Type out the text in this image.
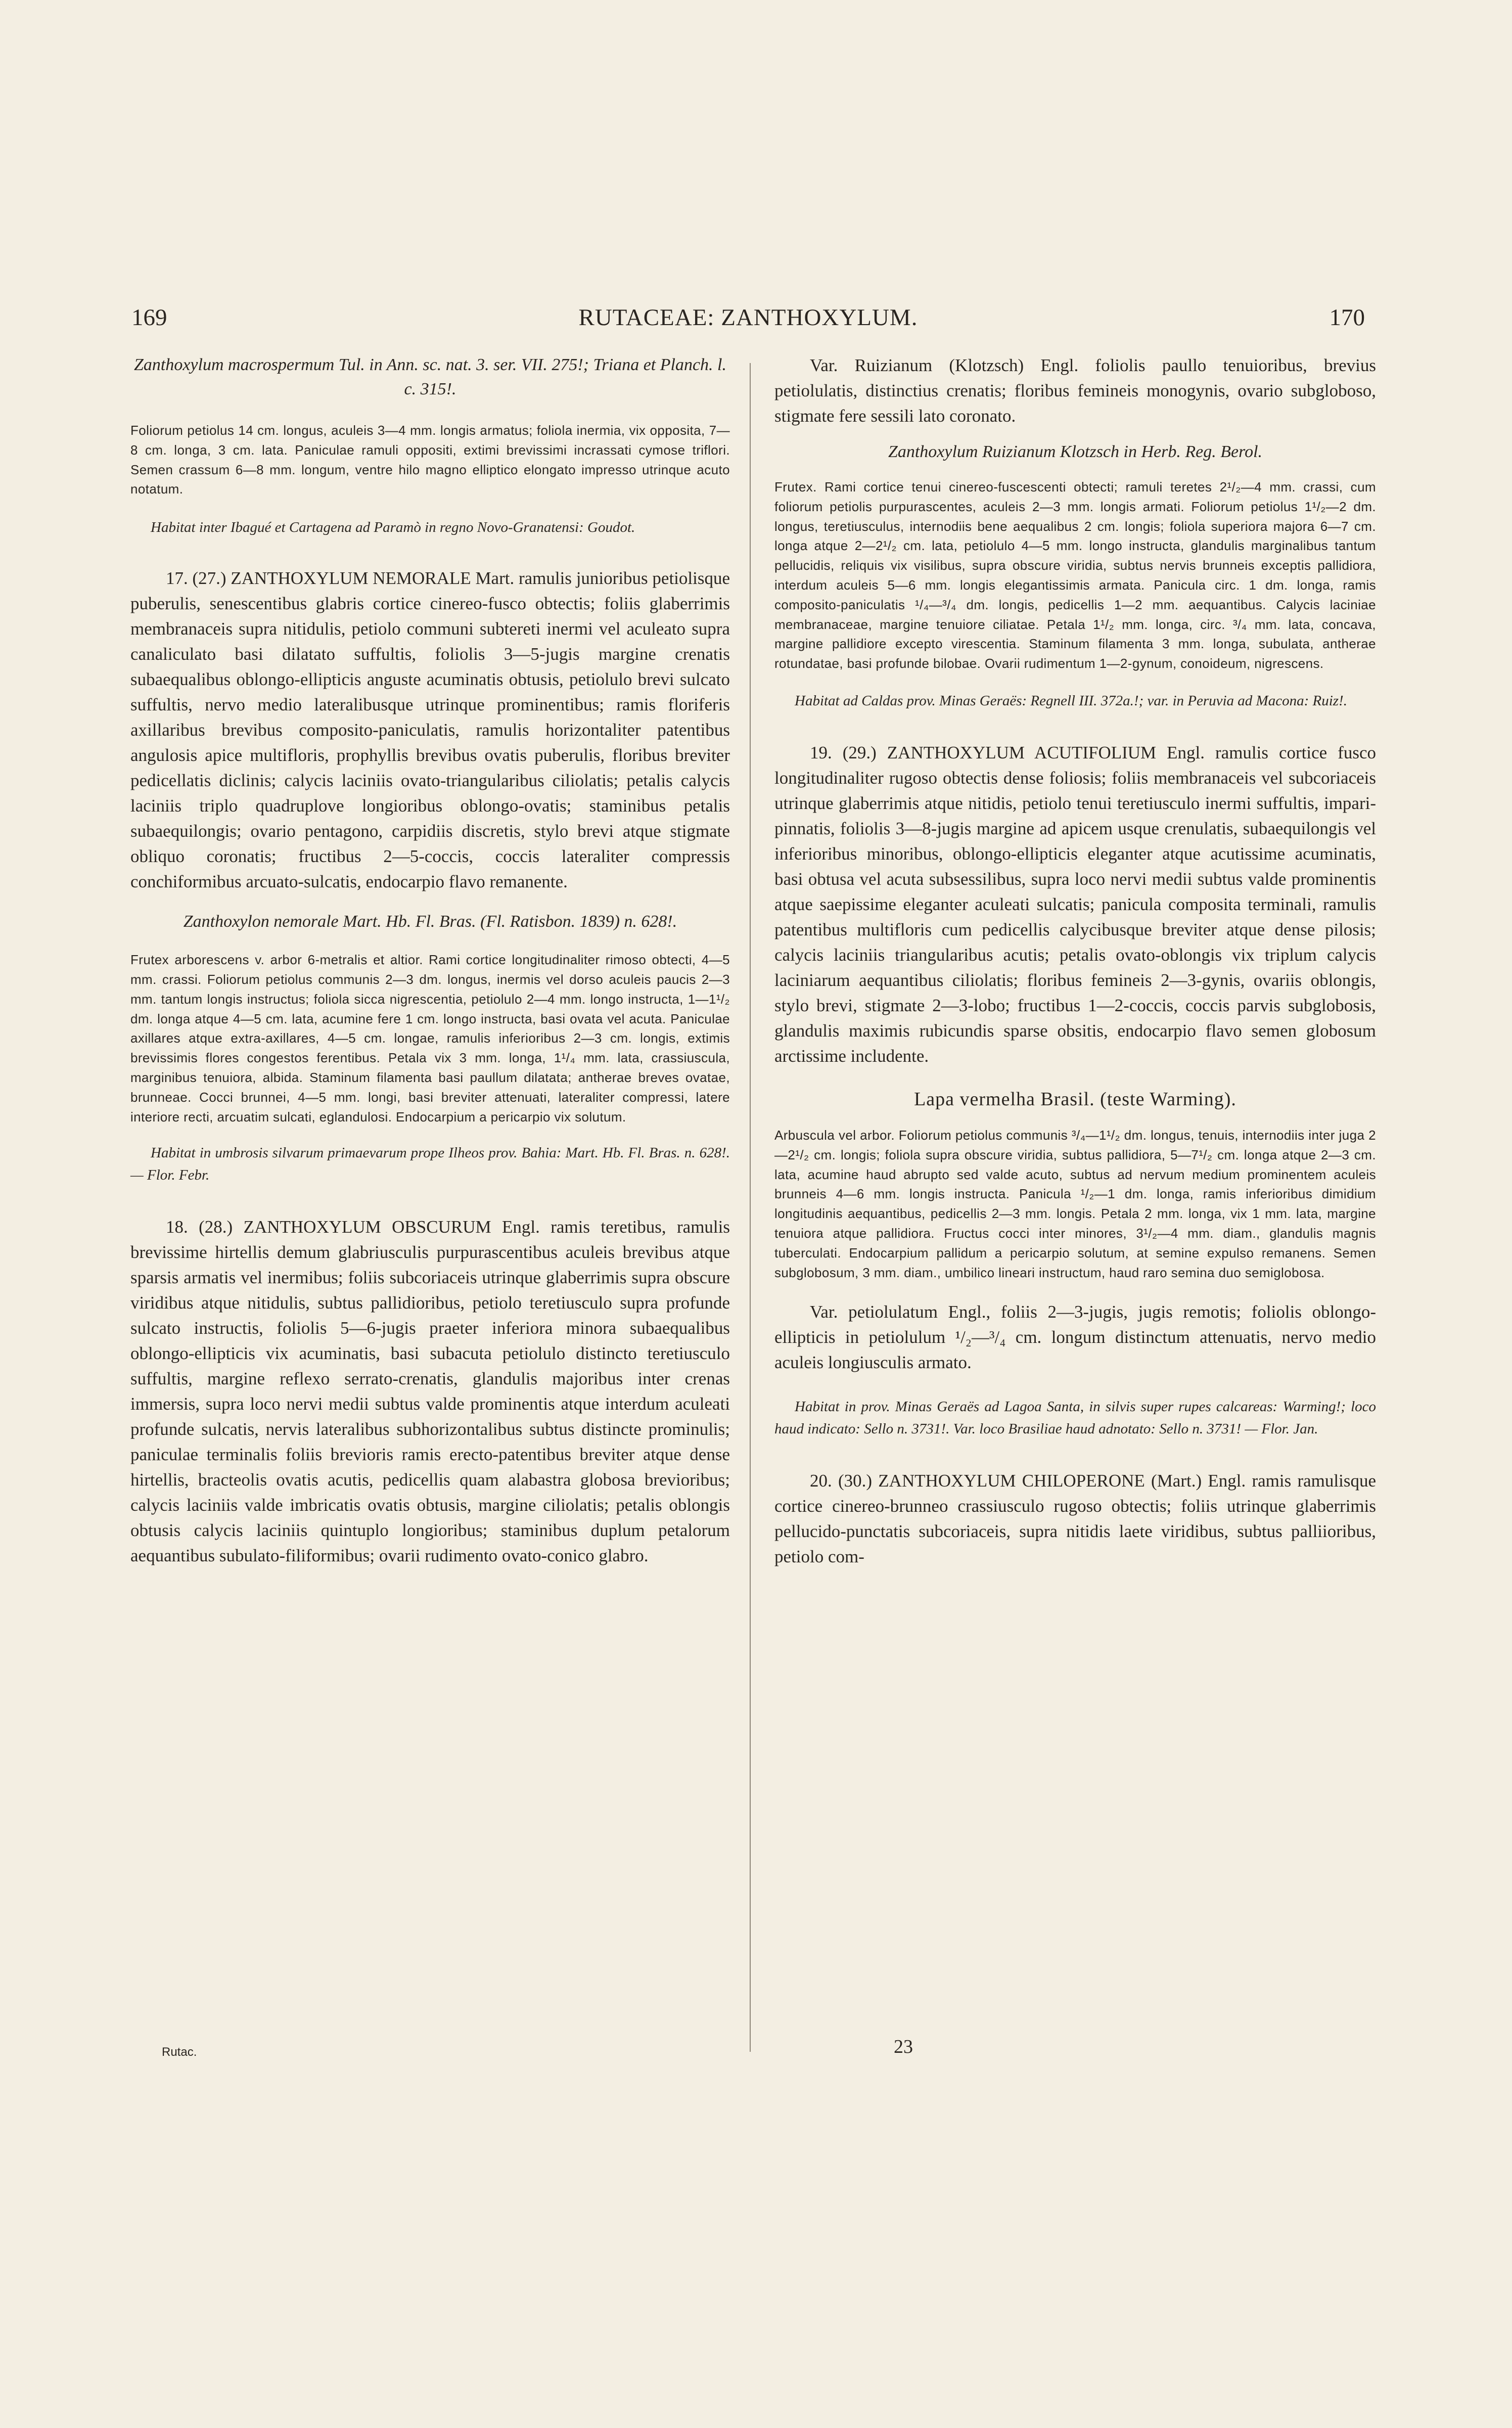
169	RUTACEAE: ZANTHOXYLUM.	170

Zanthoxylum macrospermum Tul. in Ann. sc. nat. 3. ser. VII. 275!; Triana et Planch. l. c. 315!.

Foliorum petiolus 14 cm. longus, aculeis 3—4 mm. longis armatus; foliola inermia, vix opposita, 7—8 cm. longa, 3 cm. lata. Paniculae ramuli oppositi, extimi brevissimi incrassati cymose triflori. Semen crassum 6—8 mm. longum, ventre hilo magno elliptico elongato impresso utrinque acuto notatum.

Habitat inter Ibagué et Cartagena ad Paramò in regno Novo-Granatensi: Goudot.

17. (27.) ZANTHOXYLUM NEMORALE Mart. ramulis junioribus petiolisque puberulis, senescentibus glabris cortice cinereo-fusco obtectis; foliis glaberrimis membranaceis supra nitidulis, petiolo communi subtereti inermi vel aculeato supra canaliculato basi dilatato suffultis, foliolis 3—5-jugis margine crenatis subaequalibus oblongo-ellipticis anguste acuminatis obtusis, petiolulo brevi sulcato suffultis, nervo medio lateralibusque utrinque prominentibus; ramis floriferis axillaribus brevibus composito-paniculatis, ramulis horizontaliter patentibus angulosis apice multifloris, prophyllis brevibus ovatis puberulis, floribus breviter pedicellatis diclinis; calycis laciniis ovato-triangularibus ciliolatis; petalis calycis laciniis triplo quadruplove longioribus oblongo-ovatis; staminibus petalis subaequilongis; ovario pentagono, carpidiis discretis, stylo brevi atque stigmate obliquo coronatis; fructibus 2—5-coccis, coccis lateraliter compressis conchiformibus arcuato-sulcatis, endocarpio flavo remanente.

Zanthoxylon nemorale Mart. Hb. Fl. Bras. (Fl. Ratisbon. 1839) n. 628!.

Frutex arborescens v. arbor 6-metralis et altior. Rami cortice longitudinaliter rimoso obtecti, 4—5 mm. crassi. Foliorum petiolus communis 2—3 dm. longus, inermis vel dorso aculeis paucis 2—3 mm. tantum longis instructus; foliola sicca nigrescentia, petiolulo 2—4 mm. longo instructa, 1—1¹/₂ dm. longa atque 4—5 cm. lata, acumine fere 1 cm. longo instructa, basi ovata vel acuta. Paniculae axillares atque extra-axillares, 4—5 cm. longae, ramulis inferioribus 2—3 cm. longis, extimis brevissimis flores congestos ferentibus. Petala vix 3 mm. longa, 1¹/₄ mm. lata, crassiuscula, marginibus tenuiora, albida. Staminum filamenta basi paullum dilatata; antherae breves ovatae, brunneae. Cocci brunnei, 4—5 mm. longi, basi breviter attenuati, lateraliter compressi, latere interiore recti, arcuatim sulcati, eglandulosi. Endocarpium a pericarpio vix solutum.

Habitat in umbrosis silvarum primaevarum prope Ilheos prov. Bahia: Mart. Hb. Fl. Bras. n. 628!. — Flor. Febr.

18. (28.) ZANTHOXYLUM OBSCURUM Engl. ramis teretibus, ramulis brevissime hirtellis demum glabriusculis purpurascentibus aculeis brevibus atque sparsis armatis vel inermibus; foliis subcoriaceis utrinque glaberrimis supra obscure viridibus atque nitidulis, subtus pallidioribus, petiolo teretiusculo supra profunde sulcato instructis, foliolis 5—6-jugis praeter inferiora minora subaequalibus oblongo-ellipticis vix acuminatis, basi subacuta petiolulo distincto teretiusculo suffultis, margine reflexo serrato-crenatis, glandulis majoribus inter crenas immersis, supra loco nervi medii subtus valde prominentis atque interdum aculeati profunde sulcatis, nervis lateralibus subhorizontalibus subtus distincte prominulis; paniculae terminalis foliis brevioris ramis erecto-patentibus breviter atque dense hirtellis, bracteolis ovatis acutis, pedicellis quam alabastra globosa brevioribus; calycis laciniis valde imbricatis ovatis obtusis, margine ciliolatis; petalis oblongis obtusis calycis laciniis quintuplo longioribus; staminibus duplum petalorum aequantibus subulato-filiformibus; ovarii rudimento ovato-conico glabro.

Var. Ruizianum (Klotzsch) Engl. foliolis paullo tenuioribus, brevius petiolulatis, distinctius crenatis; floribus femineis monogynis, ovario subgloboso, stigmate fere sessili lato coronato.

Zanthoxylum Ruizianum Klotzsch in Herb. Reg. Berol.

Frutex. Rami cortice tenui cinereo-fuscescenti obtecti; ramuli teretes 2¹/₂—4 mm. crassi, cum foliorum petiolis purpurascentes, aculeis 2—3 mm. longis armati. Foliorum petiolus 1¹/₂—2 dm. longus, teretiusculus, internodiis bene aequalibus 2 cm. longis; foliola superiora majora 6—7 cm. longa atque 2—2¹/₂ cm. lata, petiolulo 4—5 mm. longo instructa, glandulis marginalibus tantum pellucidis, reliquis vix visilibus, supra obscure viridia, subtus nervis brunneis exceptis pallidiora, interdum aculeis 5—6 mm. longis elegantissimis armata. Panicula circ. 1 dm. longa, ramis composito-paniculatis ¹/₄—³/₄ dm. longis, pedicellis 1—2 mm. aequantibus. Calycis laciniae membranaceae, margine tenuiore ciliatae. Petala 1¹/₂ mm. longa, circ. ³/₄ mm. lata, concava, margine pallidiore excepto virescentia. Staminum filamenta 3 mm. longa, subulata, antherae rotundatae, basi profunde bilobae. Ovarii rudimentum 1—2-gynum, conoideum, nigrescens.

Habitat ad Caldas prov. Minas Geraës: Regnell III. 372a.!; var. in Peruvia ad Macona: Ruiz!.

19. (29.) ZANTHOXYLUM ACUTIFOLIUM Engl. ramulis cortice fusco longitudinaliter rugoso obtectis dense foliosis; foliis membranaceis vel subcoriaceis utrinque glaberrimis atque nitidis, petiolo tenui teretiusculo inermi suffultis, impari-pinnatis, foliolis 3—8-jugis margine ad apicem usque crenulatis, subaequilongis vel inferioribus minoribus, oblongo-ellipticis eleganter atque acutissime acuminatis, basi obtusa vel acuta subsessilibus, supra loco nervi medii subtus valde prominentis atque saepissime eleganter aculeati sulcatis; panicula composita terminali, ramulis patentibus multifloris cum pedicellis calycibusque breviter atque dense pilosis; calycis laciniis triangularibus acutis; petalis ovato-oblongis vix triplum calycis laciniarum aequantibus ciliolatis; floribus femineis 2—3-gynis, ovariis oblongis, stylo brevi, stigmate 2—3-lobo; fructibus 1—2-coccis, coccis parvis subglobosis, glandulis maximis rubicundis sparse obsitis, endocarpio flavo semen globosum arctissime includente.

Lapa vermelha Brasil. (teste Warming).

Arbuscula vel arbor. Foliorum petiolus communis ³/₄—1¹/₂ dm. longus, tenuis, internodiis inter juga 2—2¹/₂ cm. longis; foliola supra obscure viridia, subtus pallidiora, 5—7¹/₂ cm. longa atque 2—3 cm. lata, acumine haud abrupto sed valde acuto, subtus ad nervum medium prominentem aculeis brunneis 4—6 mm. longis instructa. Panicula ¹/₂—1 dm. longa, ramis inferioribus dimidium longitudinis aequantibus, pedicellis 2—3 mm. longis. Petala 2 mm. longa, vix 1 mm. lata, margine tenuiora atque pallidiora. Fructus cocci inter minores, 3¹/₂—4 mm. diam., glandulis magnis tuberculati. Endocarpium pallidum a pericarpio solutum, at semine expulso remanens. Semen subglobosum, 3 mm. diam., umbilico lineari instructum, haud raro semina duo semiglobosa.

Var. petiolulatum Engl., foliis 2—3-jugis, jugis remotis; foliolis oblongo-ellipticis in petiolulum ¹/₂—³/₄ cm. longum distinctum attenuatis, nervo medio aculeis longiusculis armato.

Habitat in prov. Minas Geraës ad Lagoa Santa, in silvis super rupes calcareas: Warming!; loco haud indicato: Sello n. 3731!. Var. loco Brasiliae haud adnotato: Sello n. 3731! — Flor. Jan.

20. (30.) ZANTHOXYLUM CHILOPERONE (Mart.) Engl. ramis ramulisque cortice cinereo-brunneo crassiusculo rugoso obtectis; foliis utrinque glaberrimis pellucido-punctatis subcoriaceis, supra nitidis laete viridibus, subtus palliioribus, petiolo com-

Rutac.	23
